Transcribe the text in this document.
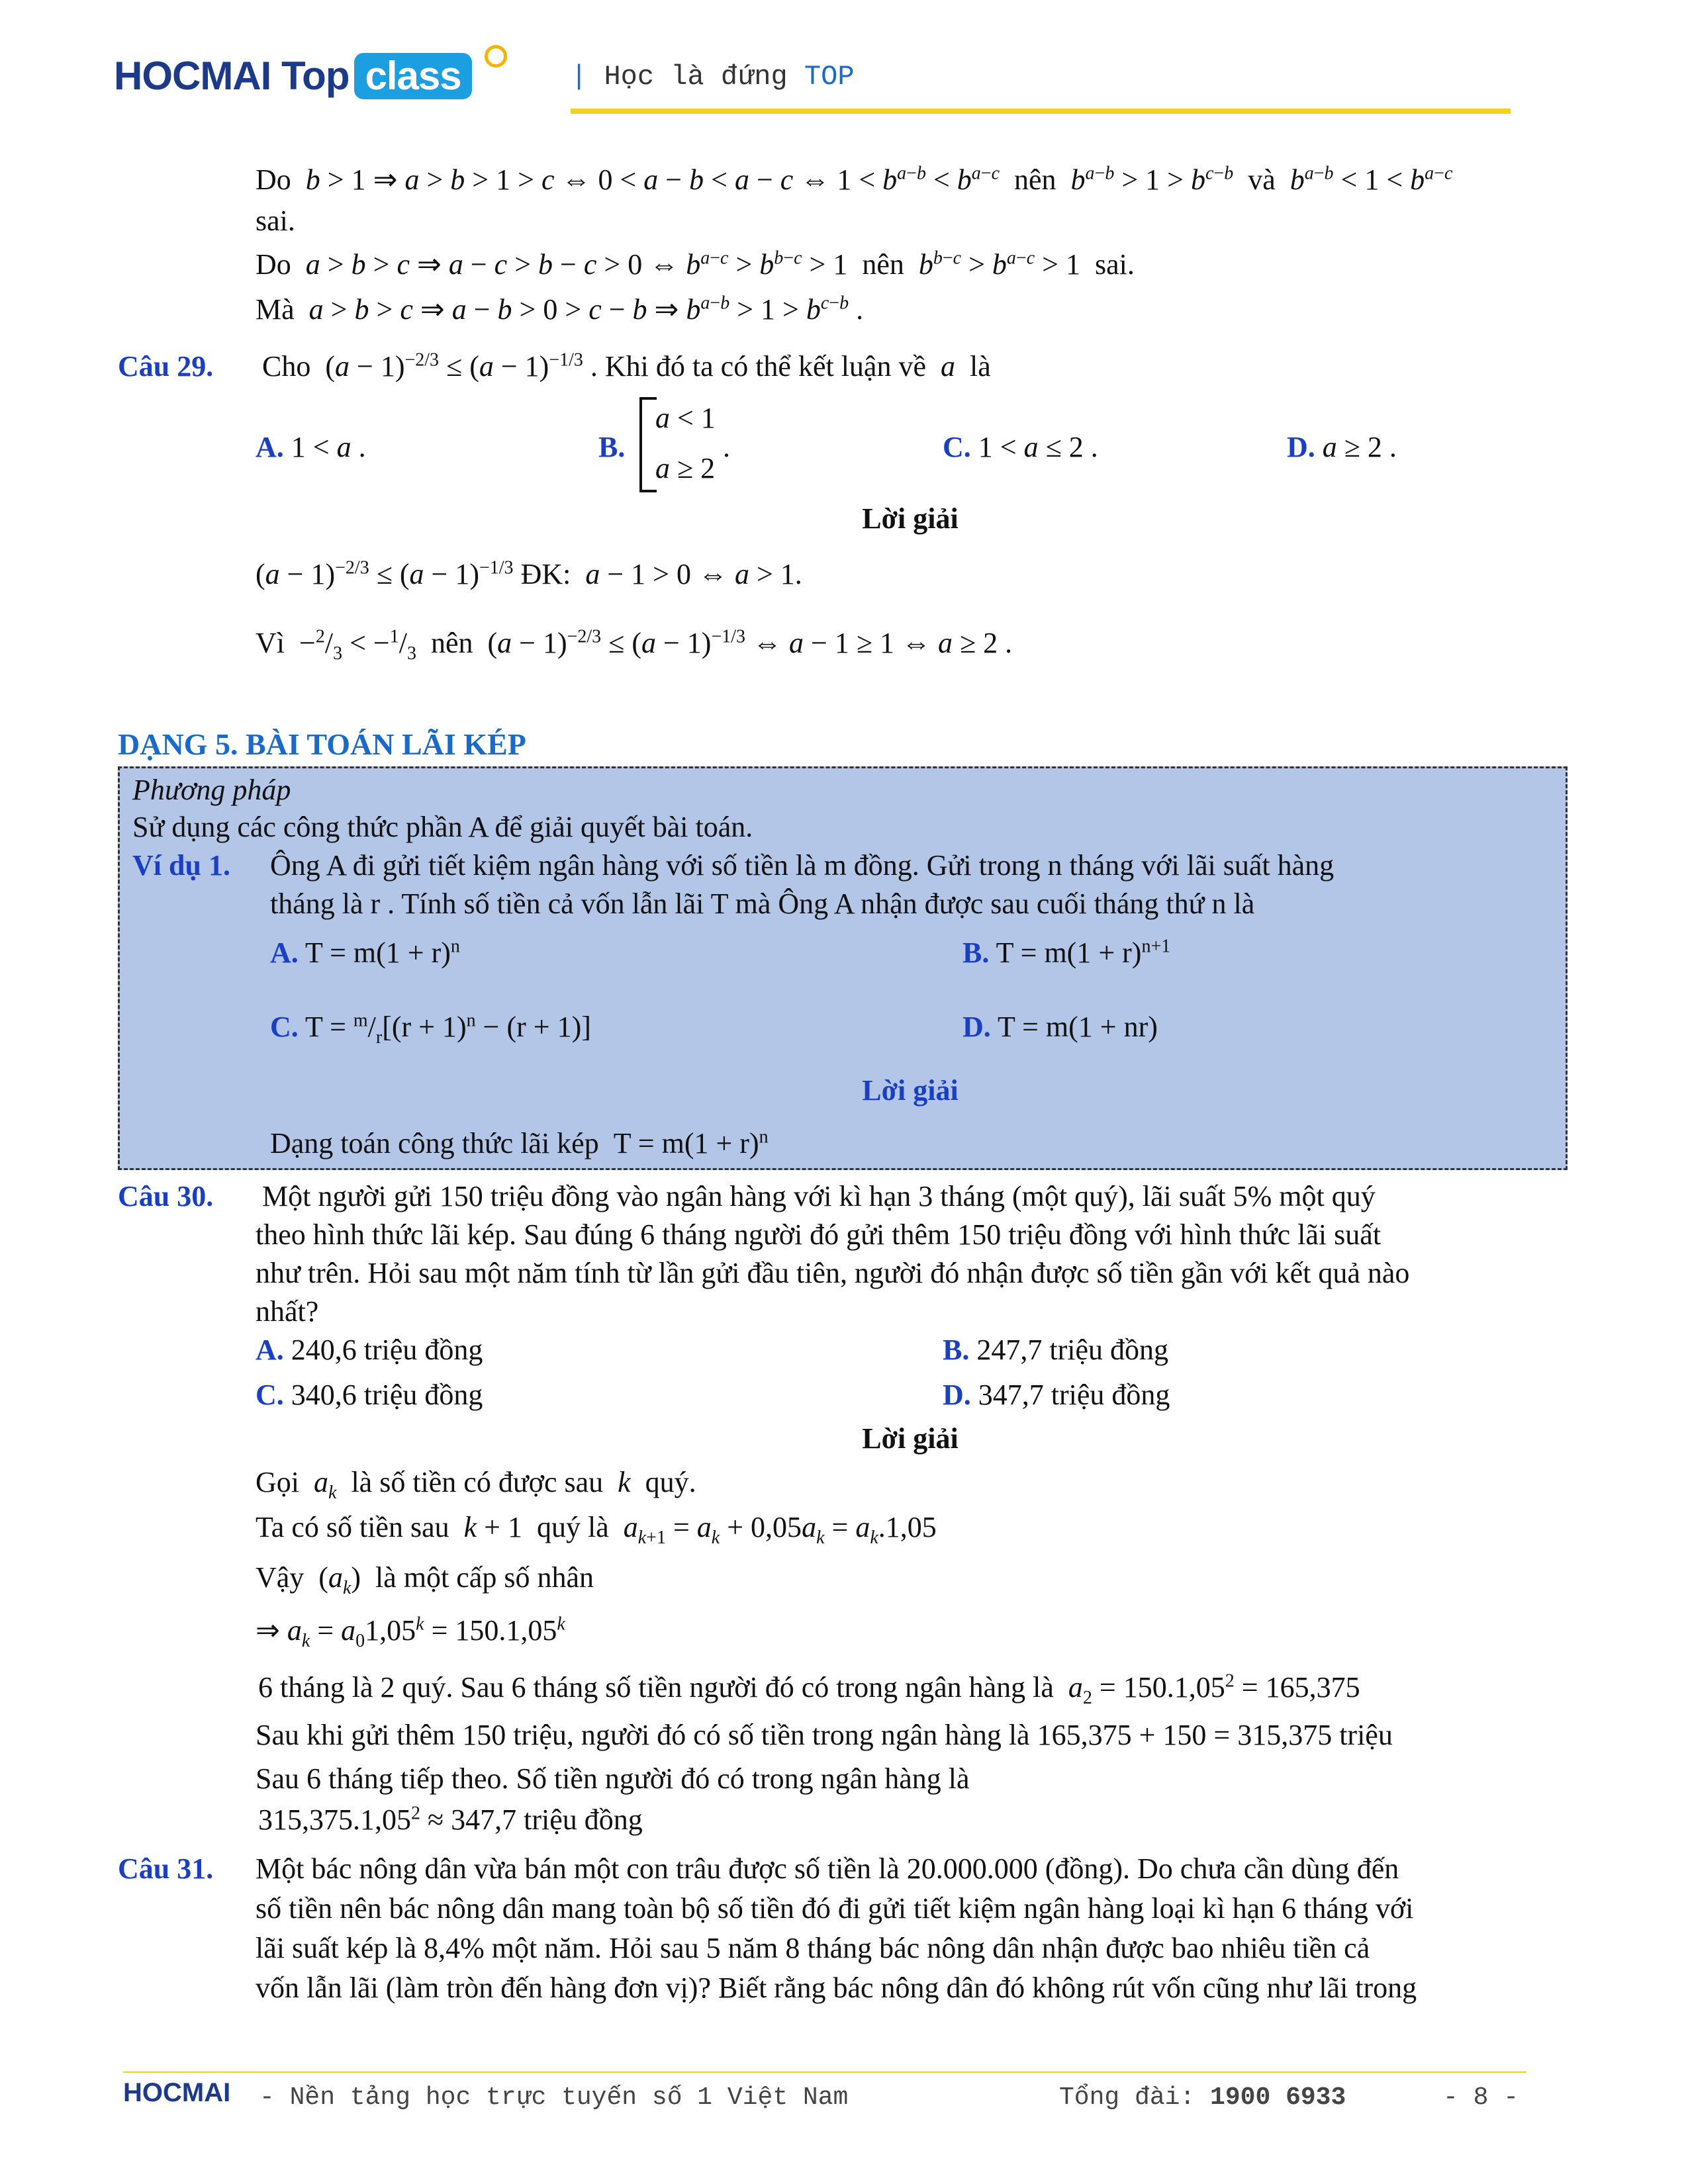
HOCMAI Top class	| Học là đứng TOP
Do  b > 1 ⇒ a > b > 1 > c ⇔ 0 < a − b < a − c ⇔ $1 < b^{a-b} < b^{a-c}$  nên  $b^{a-b} > 1 > b^{c-b}$  và  $b^{a-b} < 1 < b^{a-c}$
sai.
Do  a > b > c ⇒ a − c > b − c > 0 ⇔ $b^{a-c} > b^{b-c} > 1$  nên  $b^{b-c} > b^{a-c} > 1$  sai.
Mà  a > b > c ⇒ a − b > 0 > c − b ⇒ $b^{a-b} > 1 > b^{c-b}$ .
Câu 29. Cho  $(a - 1)^{-2/3} \le (a - 1)^{-1/3}$ . Khi đó ta có thể kết luận về  a  là
A. 1 < a .	B.
a < 1
a ≥ 2
.	C. 1 < a ≤ 2 .	D. a ≥ 2 .
Lời giải
$(a - 1)^{-2/3} \le (a - 1)^{-1/3}$ ĐK:  a − 1 > 0 ⇔ a > 1.
Vì  $-^2/_3 < -^1/_3$  nên  $(a - 1)^{-2/3} \le (a - 1)^{-1/3}$ ⇔ a − 1 ≥ 1 ⇔ a ≥ 2 .
DẠNG 5. BÀI TOÁN LÃI KÉP
Phương pháp
Sử dụng các công thức phần A để giải quyết bài toán.
Ví dụ 1. Ông A đi gửi tiết kiệm ngân hàng với số tiền là m đồng. Gửi trong n tháng với lãi suất hàng
tháng là r . Tính số tiền cả vốn lẫn lãi T mà Ông A nhận được sau cuối tháng thứ n là
A. $T = m(1 + r)^n$	B. $T = m(1 + r)^{n+1}$
C. $T = ^m/_r[(r + 1)^n - (r + 1)]$	D. T = m(1 + nr)
Lời giải
Dạng toán công thức lãi kép  $T = m(1 + r)^n$
Câu 30. Một người gửi 150 triệu đồng vào ngân hàng với kì hạn 3 tháng (một quý), lãi suất 5% một quý
theo hình thức lãi kép. Sau đúng 6 tháng người đó gửi thêm 150 triệu đồng với hình thức lãi suất
như trên. Hỏi sau một năm tính từ lần gửi đầu tiên, người đó nhận được số tiền gần với kết quả nào
nhất?
A. 240,6 triệu đồng	B. 247,7 triệu đồng
C. 340,6 triệu đồng	D. 347,7 triệu đồng
Lời giải
Gọi  $a_k$  là số tiền có được sau  k  quý.
Ta có số tiền sau  k + 1  quý là  $a_{k+1} = a_k + 0,05a_k = a_k.1,05$
Vậy  $(a_k)$  là một cấp số nhân
⇒ $a_k = a_01,05^k = 150.1,05^k$
6 tháng là 2 quý. Sau 6 tháng số tiền người đó có trong ngân hàng là  $a_2 = 150.1,05^2 = 165,375$
Sau khi gửi thêm 150 triệu, người đó có số tiền trong ngân hàng là 165,375 + 150 = 315,375 triệu
Sau 6 tháng tiếp theo. Số tiền người đó có trong ngân hàng là
$315,375.1,05^2 \approx 347,7$ triệu đồng
Câu 31. Một bác nông dân vừa bán một con trâu được số tiền là 20.000.000 (đồng). Do chưa cần dùng đến
số tiền nên bác nông dân mang toàn bộ số tiền đó đi gửi tiết kiệm ngân hàng loại kì hạn 6 tháng với
lãi suất kép là 8,4% một năm. Hỏi sau 5 năm 8 tháng bác nông dân nhận được bao nhiêu tiền cả
vốn lẫn lãi (làm tròn đến hàng đơn vị)? Biết rằng bác nông dân đó không rút vốn cũng như lãi trong
HOCMAI - Nền tảng học trực tuyến số 1 Việt Nam	Tổng đài: 1900 6933	- 8 -
